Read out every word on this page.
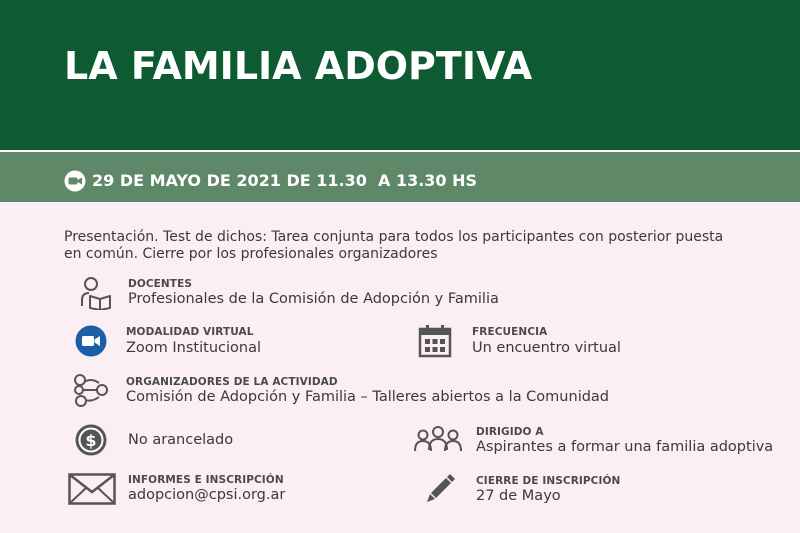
LA FAMILIA ADOPTIVA
29 DE MAYO DE 2021 DE 11.30  A 13.30 HS
Presentación. Test de dichos: Tarea conjunta para todos los participantes con posterior puesta en común. Cierre por los profesionales organizadores
DOCENTES
Profesionales de la Comisión de Adopción y Familia
MODALIDAD VIRTUAL
Zoom Institucional
FRECUENCIA
Un encuentro virtual
ORGANIZADORES DE LA ACTIVIDAD
Comisión de Adopción y Familia – Talleres abiertos a la Comunidad
$ No arancelado	DIRIGIDO A
Aspirantes a formar una familia adoptiva
INFORMES E INSCRIPCIÓN
adopcion@cpsi.org.ar
CIERRE DE INSCRIPCIÓN
27 de Mayo
